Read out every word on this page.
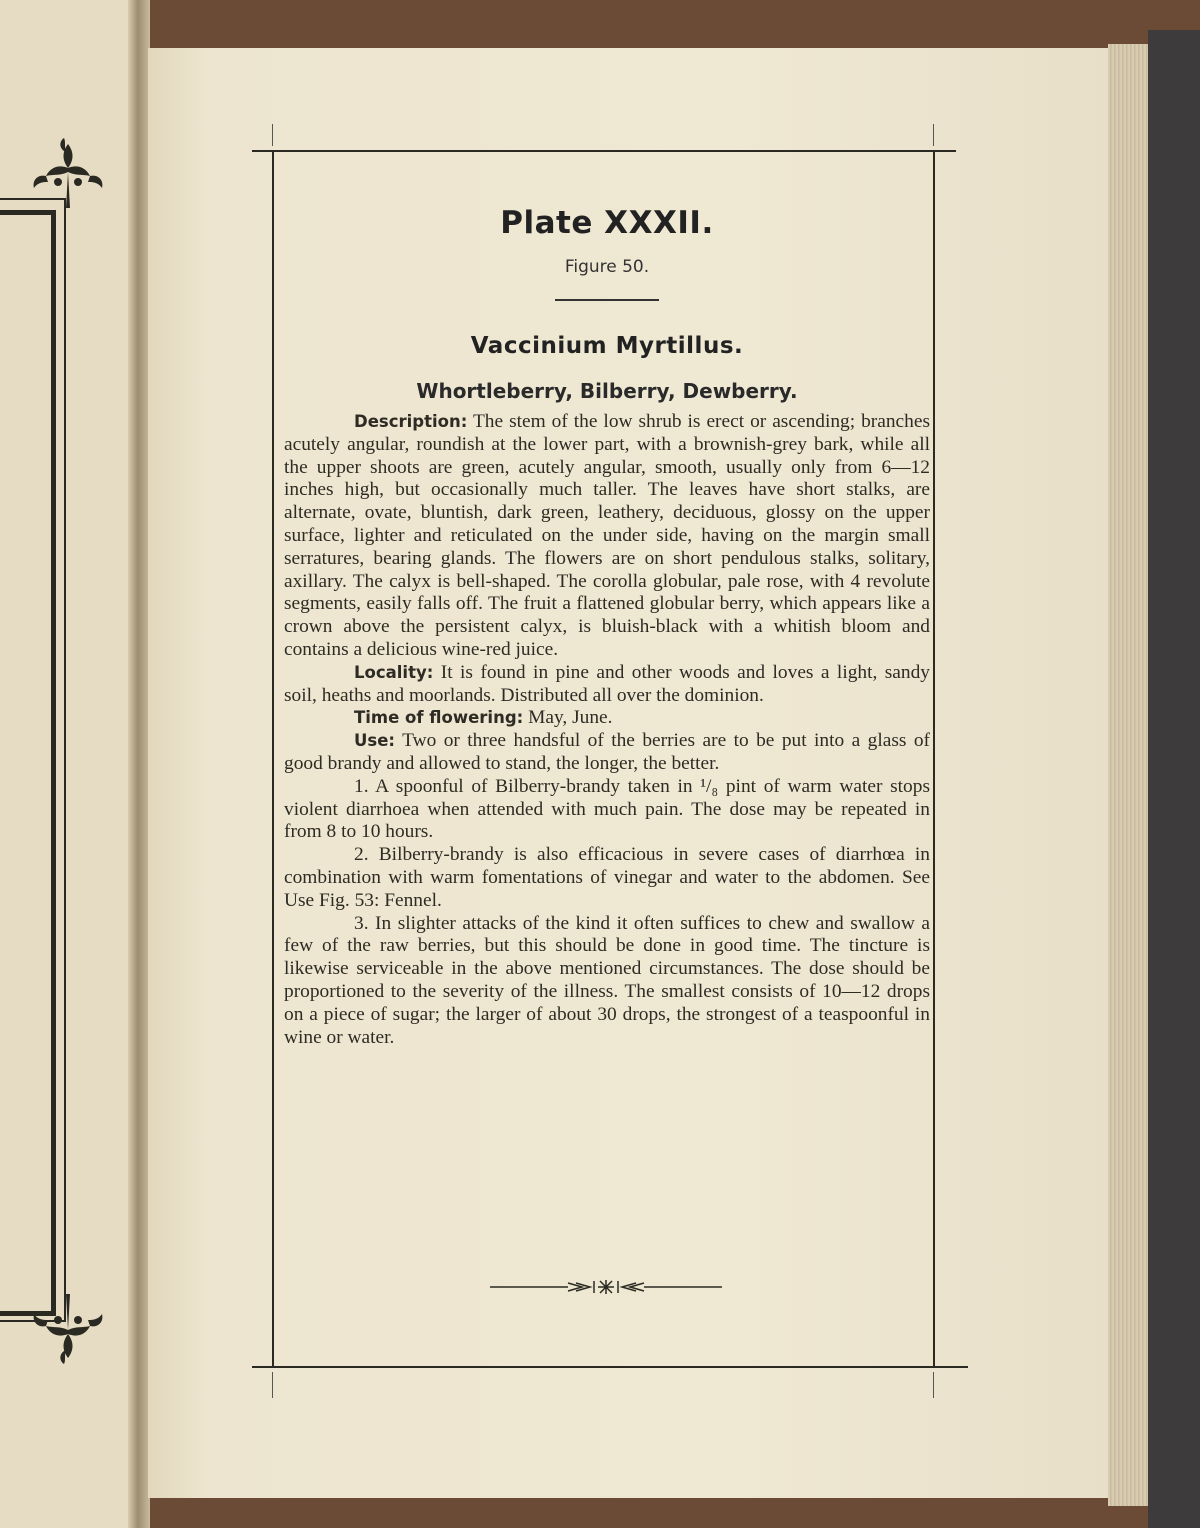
Plate XXXII.
Figure 50.
Vaccinium Myrtillus.
Whortleberry, Bilberry, Dewberry.

Description: The stem of the low shrub is erect or ascending; branches acutely angular, roundish at the lower part, with a brownish-grey bark, while all the upper shoots are green, acutely angular, smooth, usually only from 6—12 inches high, but occasionally much taller. The leaves have short stalks, are alternate, ovate, bluntish, dark green, leathery, deciduous, glossy on the upper surface, lighter and reticulated on the under side, having on the margin small serratures, bearing glands. The flowers are on short pendulous stalks, solitary, axillary. The calyx is bell-shaped. The corolla globular, pale rose, with 4 revolute segments, easily falls off. The fruit a flattened globular berry, which appears like a crown above the persistent calyx, is bluish-black with a whitish bloom and contains a delicious wine-red juice.

Locality: It is found in pine and other woods and loves a light, sandy soil, heaths and moorlands. Distributed all over the dominion.

Time of flowering: May, June.

Use: Two or three handsful of the berries are to be put into a glass of good brandy and allowed to stand, the longer, the better.

1. A spoonful of Bilberry-brandy taken in ¹/₈ pint of warm water stops violent diarrhoea when attended with much pain. The dose may be repeated in from 8 to 10 hours.

2. Bilberry-brandy is also efficacious in severe cases of diarrhœa in combination with warm fomentations of vinegar and water to the abdomen. See Use Fig. 53: Fennel.

3. In slighter attacks of the kind it often suffices to chew and swallow a few of the raw berries, but this should be done in good time. The tincture is likewise serviceable in the above mentioned circumstances. The dose should be proportioned to the severity of the illness. The smallest consists of 10—12 drops on a piece of sugar; the larger of about 30 drops, the strongest of a teaspoonful in wine or water.
